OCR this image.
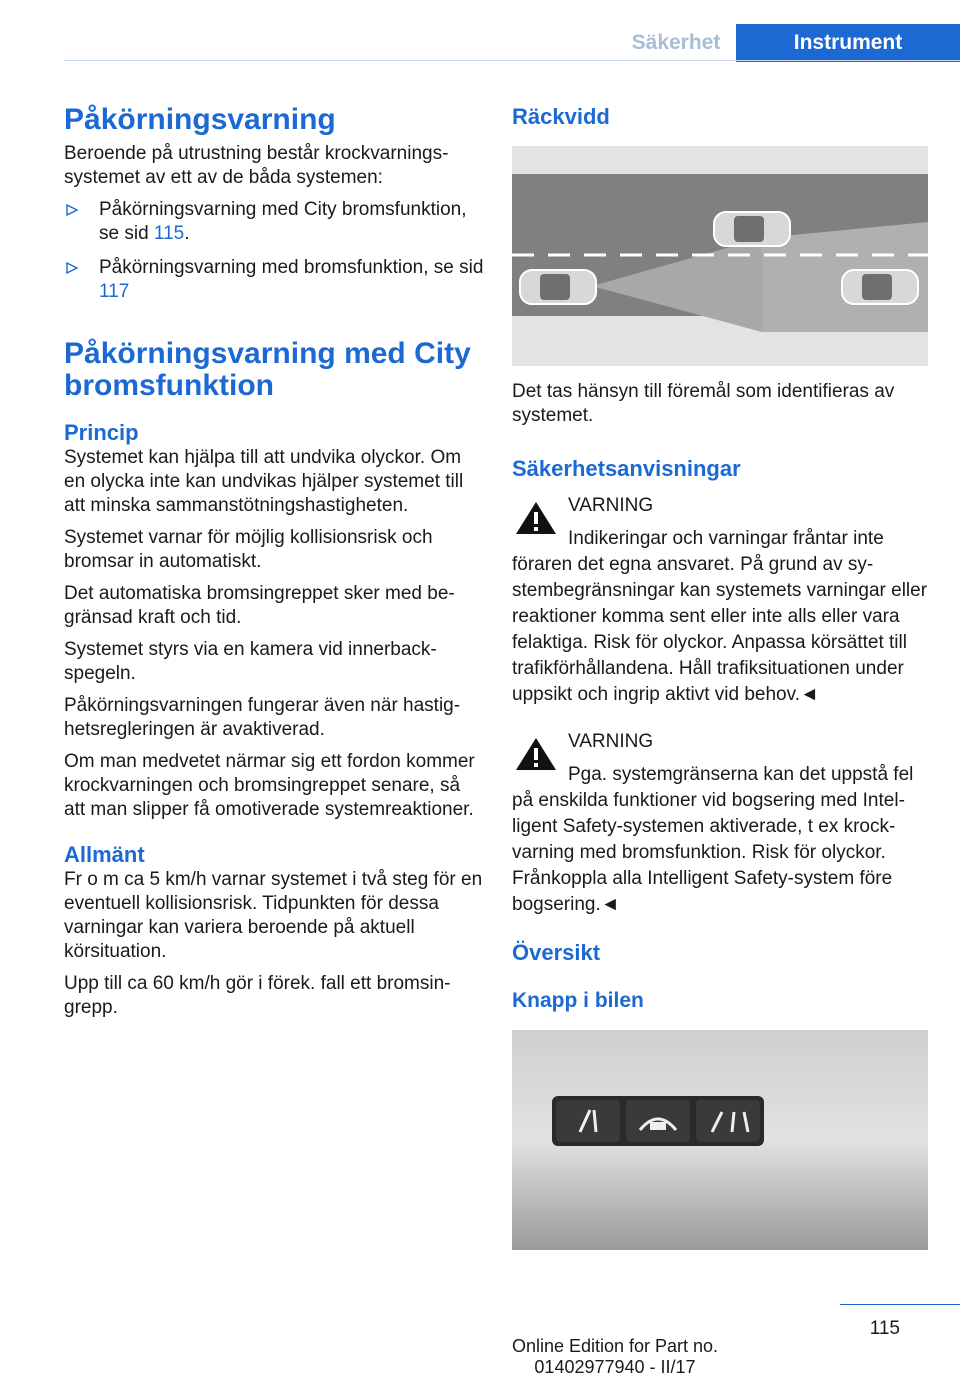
Säkerhet	Instrument
Påkörningsvarning

Beroende på utrustning består krockvarningssystemet av ett av de båda systemen:

Påkörningsvarning med City bromsfunktion, se sid 115.
Påkörningsvarning med bromsfunktion, se sid 117
Påkörningsvarning med City bromsfunktion
Princip

Systemet kan hjälpa till att undvika olyckor. Om en olycka inte kan undvikas hjälper systemet till att minska sammanstötningshastigheten.

Systemet varnar för möjlig kollisionsrisk och bromsar in automatiskt.

Det automatiska bromsingreppet sker med begränsad kraft och tid.

Systemet styrs via en kamera vid innerbackspegeln.

Påkörningsvarningen fungerar även när hastighetsregleringen är avaktiverad.

Om man medvetet närmar sig ett fordon kommer krockvarningen och bromsingreppet senare, så att man slipper få omotiverade systemreaktioner.

Allmänt

Fr o m ca 5 km/h varnar systemet i två steg för en eventuell kollisionsrisk. Tidpunkten för dessa varningar kan variera beroende på aktuell körsituation.

Upp till ca 60 km/h gör i förek. fall ett bromsingrepp.

Räckvidd

Det tas hänsyn till föremål som identifieras av systemet.

Säkerhetsanvisningar
VARNING
Indikeringar och varningar fråntar inte föraren det egna ansvaret. På grund av systembegränsningar kan systemets varningar eller reaktioner komma sent eller inte alls eller vara felaktiga. Risk för olyckor. Anpassa körsättet till trafikförhållandena. Håll trafiksituationen under uppsikt och ingrip aktivt vid behov.◄
VARNING
Pga. systemgränserna kan det uppstå fel på enskilda funktioner vid bogsering med Intelligent Safety-systemen aktiverade, t ex krockvarning med bromsfunktion. Risk för olyckor. Frånkoppla alla Intelligent Safety-system före bogsering.◄
Översikt
Knapp i bilen
115
Online Edition for Part no. 01402977940 - II/17
